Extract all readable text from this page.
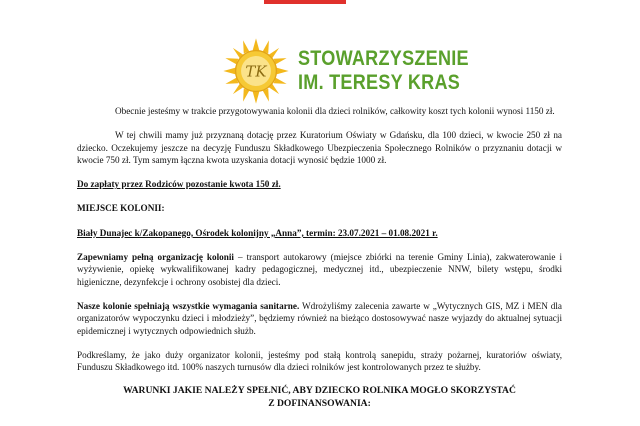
TK
STOWARZYSZENIE
IM. TERESY KRAS

Obecnie jesteśmy w trakcie przygotowywania kolonii dla dzieci rolników, całkowity koszt tych kolonii wynosi 1150 zł.

W tej chwili mamy już przyznaną dotację przez Kuratorium Oświaty w Gdańsku, dla 100 dzieci, w kwocie 250 zł na dziecko. Oczekujemy jeszcze na decyzję Funduszu Składkowego Ubezpieczenia Społecznego Rolników o przyznaniu dotacji w kwocie 750 zł. Tym samym łączna kwota uzyskania dotacji wynosić będzie 1000 zł.

Do zapłaty przez Rodziców pozostanie kwota 150 zł.

MIEJSCE KOLONII:

Biały Dunajec k/Zakopanego, Ośrodek kolonijny „Anna”, termin: 23.07.2021 – 01.08.2021 r.

Zapewniamy pełną organizację kolonii – transport autokarowy (miejsce zbiórki na terenie Gminy Linia), zakwaterowanie i wyżywienie, opiekę wykwalifikowanej kadry pedagogicznej, medycznej itd., ubezpieczenie NNW, bilety wstępu, środki higieniczne, dezynfekcje i ochrony osobistej dla dzieci.

Nasze kolonie spełniają wszystkie wymagania sanitarne. Wdrożyliśmy zalecenia zawarte w „Wytycznych GIS, MZ i MEN dla organizatorów wypoczynku dzieci i młodzieży”, będziemy również na bieżąco dostosowywać nasze wyjazdy do aktualnej sytuacji epidemicznej i wytycznych odpowiednich służb.

Podkreślamy, że jako duży organizator kolonii, jesteśmy pod stałą kontrolą sanepidu, straży pożarnej, kuratoriów oświaty, Funduszu Składkowego itd. 100% naszych turnusów dla dzieci rolników jest kontrolowanych przez te służby.

WARUNKI JAKIE NALEŻY SPEŁNIĆ, ABY DZIECKO ROLNIKA MOGŁO SKORZYSTAĆ

Z DOFINANSOWANIA:
